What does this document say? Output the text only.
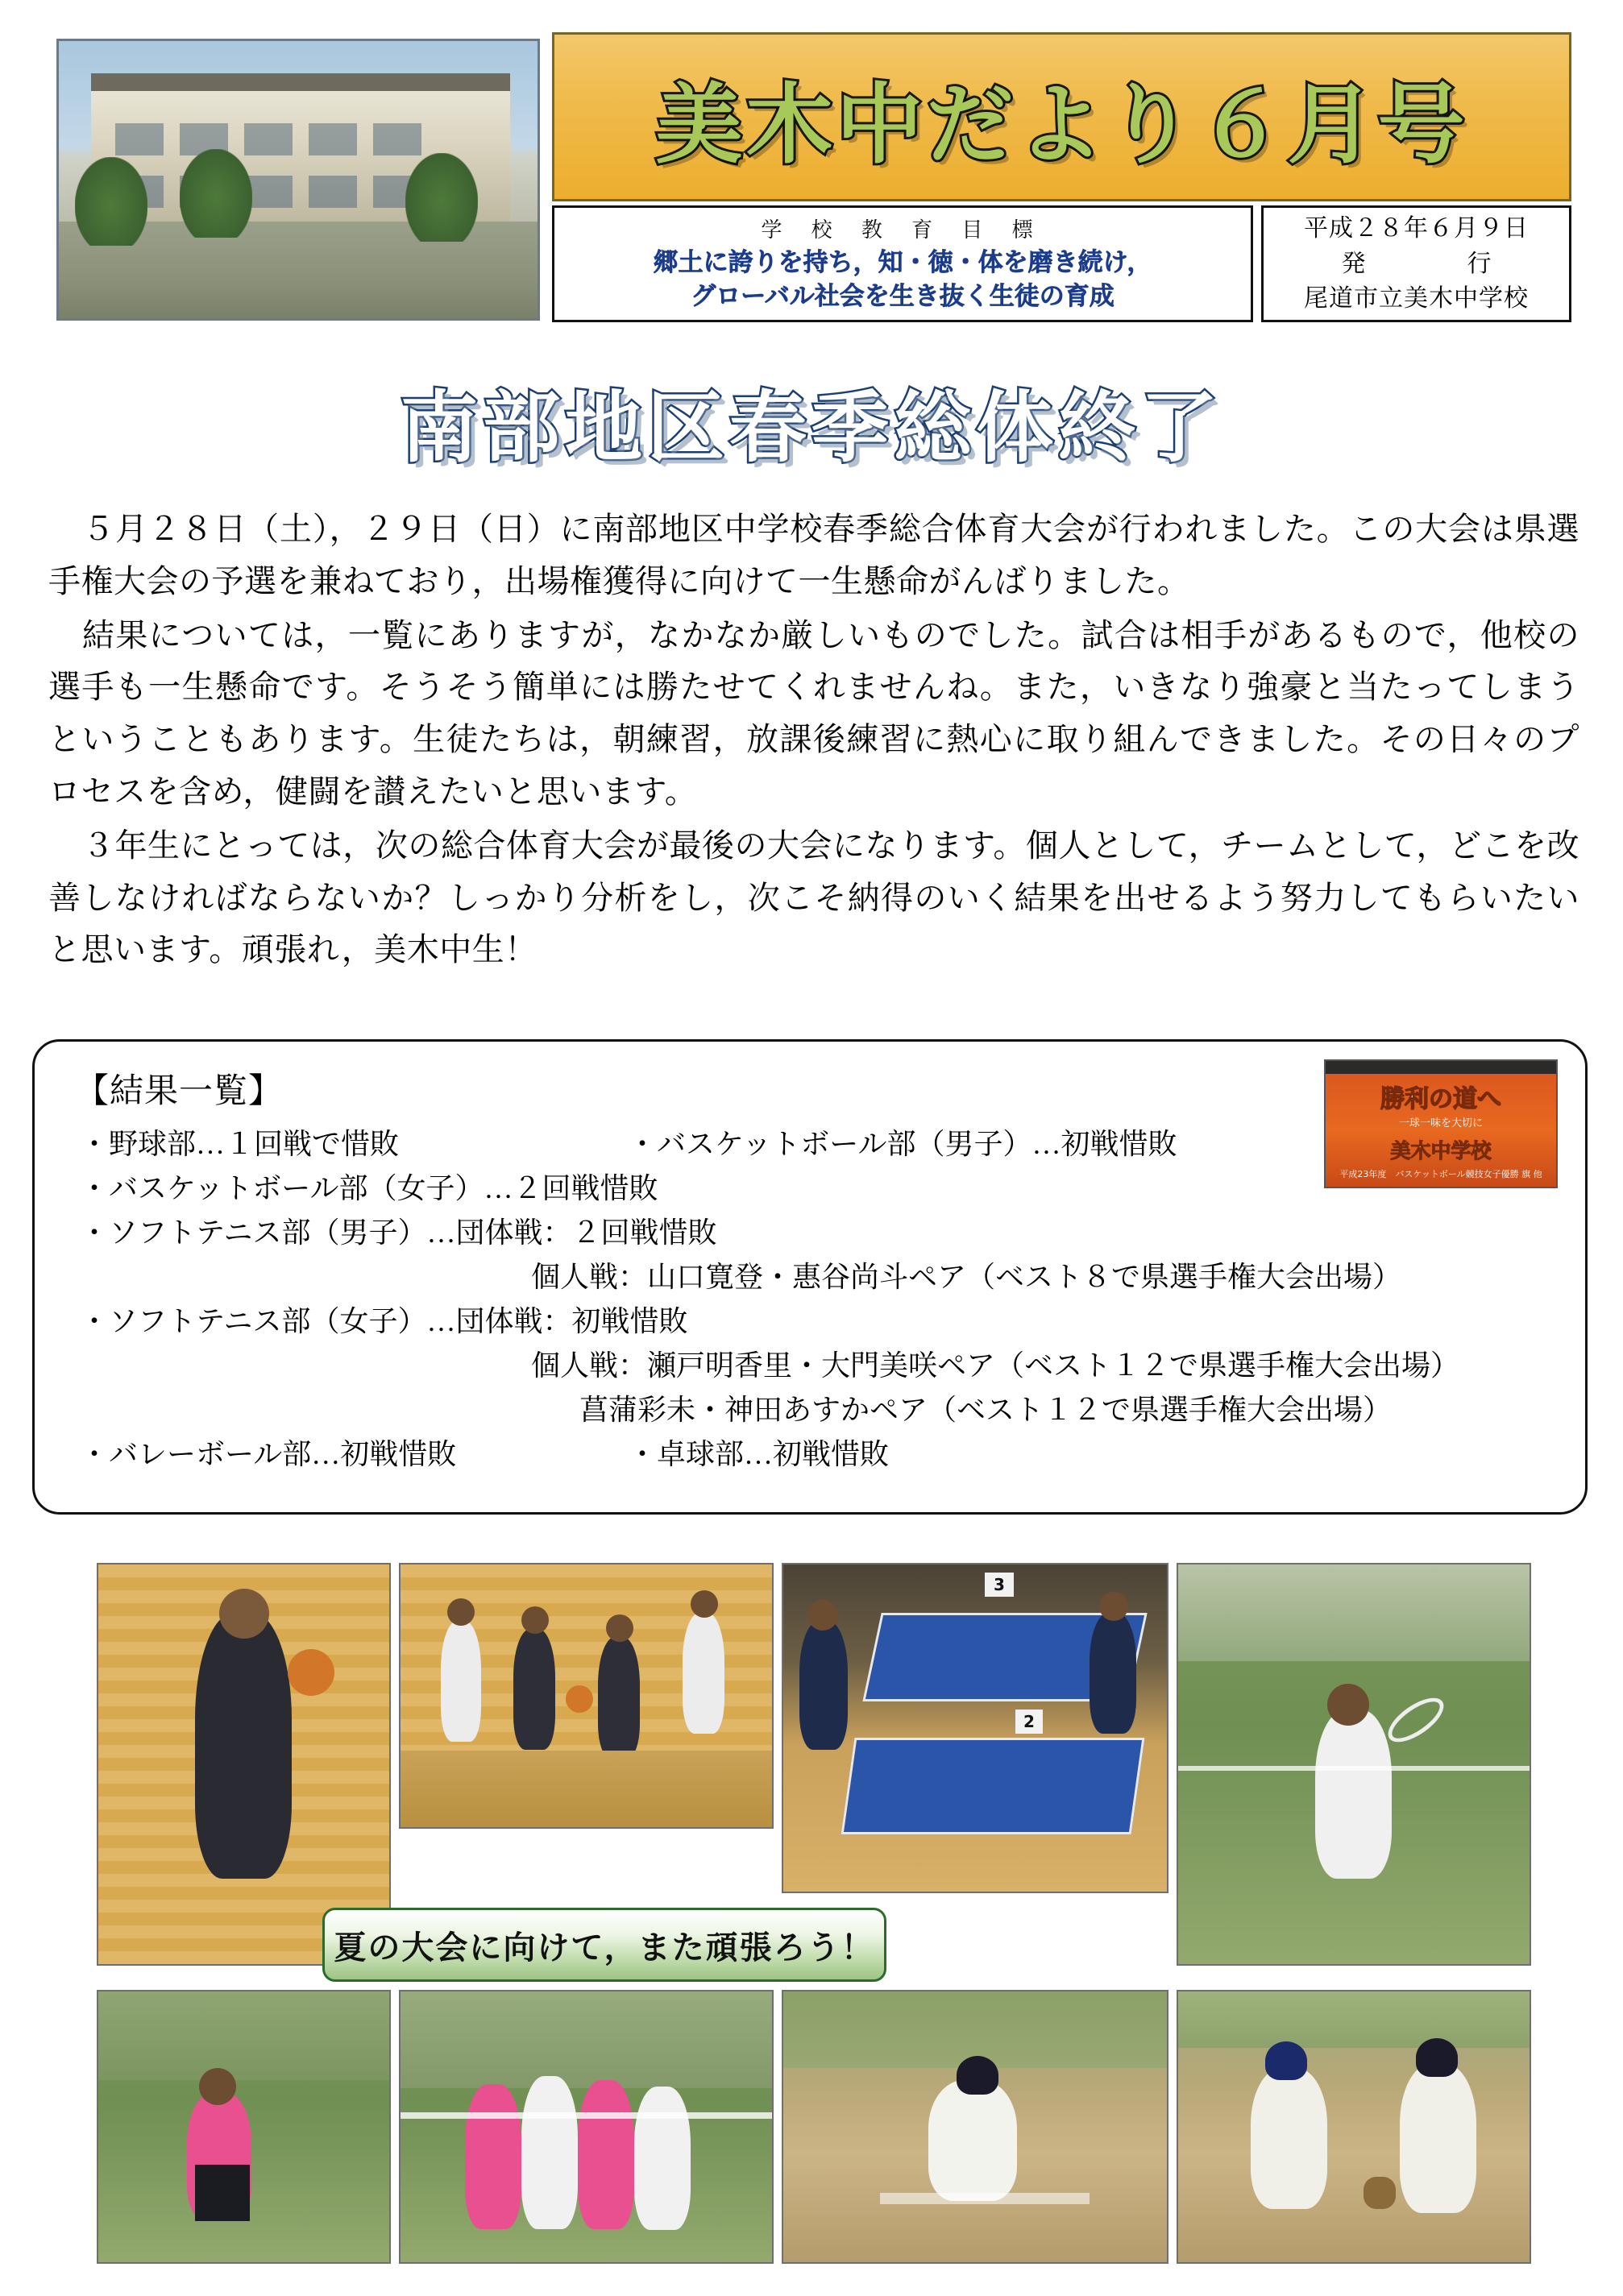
美木中だより６月号
学 校 教 育 目 標
郷土に誇りを持ち，知・徳・体を磨き続け，
グローバル社会を生き抜く生徒の育成
平成２８年６月９日
発　　行
尾道市立美木中学校
南部地区春季総体終了

５月２８日（土），２９日（日）に南部地区中学校春季総合体育大会が行われました。この大会は県選手権大会の予選を兼ねており，出場権獲得に向けて一生懸命がんばりました。

結果については，一覧にありますが，なかなか厳しいものでした。試合は相手があるもので，他校の選手も一生懸命です。そうそう簡単には勝たせてくれませんね。また，いきなり強豪と当たってしまうということもあります。生徒たちは，朝練習，放課後練習に熱心に取り組んできました。その日々のプロセスを含め，健闘を讃えたいと思います。

３年生にとっては，次の総合体育大会が最後の大会になります。個人として，チームとして，どこを改善しなければならないか？しっかり分析をし，次こそ納得のいく結果を出せるよう努力してもらいたいと思います。頑張れ，美木中生！

【結果一覧】
・野球部…１回戦で惜敗	・バスケットボール部（男子）…初戦惜敗
・バスケットボール部（女子）…２回戦惜敗
・ソフトテニス部（男子）…団体戦：２回戦惜敗
個人戦：山口寛登・惠谷尚斗ペア（ベスト８で県選手権大会出場）
・ソフトテニス部（女子）…団体戦：初戦惜敗
個人戦：瀬戸明香里・大門美咲ペア（ベスト１２で県選手権大会出場）
菖蒲彩未・神田あすかペア（ベスト１２で県選手権大会出場）
・バレーボール部…初戦惜敗	・卓球部…初戦惜敗
勝利の道へ
一球一味を大切に
美木中学校
平成23年度　バスケットボール競技女子優勝 旗 他
3
2
夏の大会に向けて，また頑張ろう！
